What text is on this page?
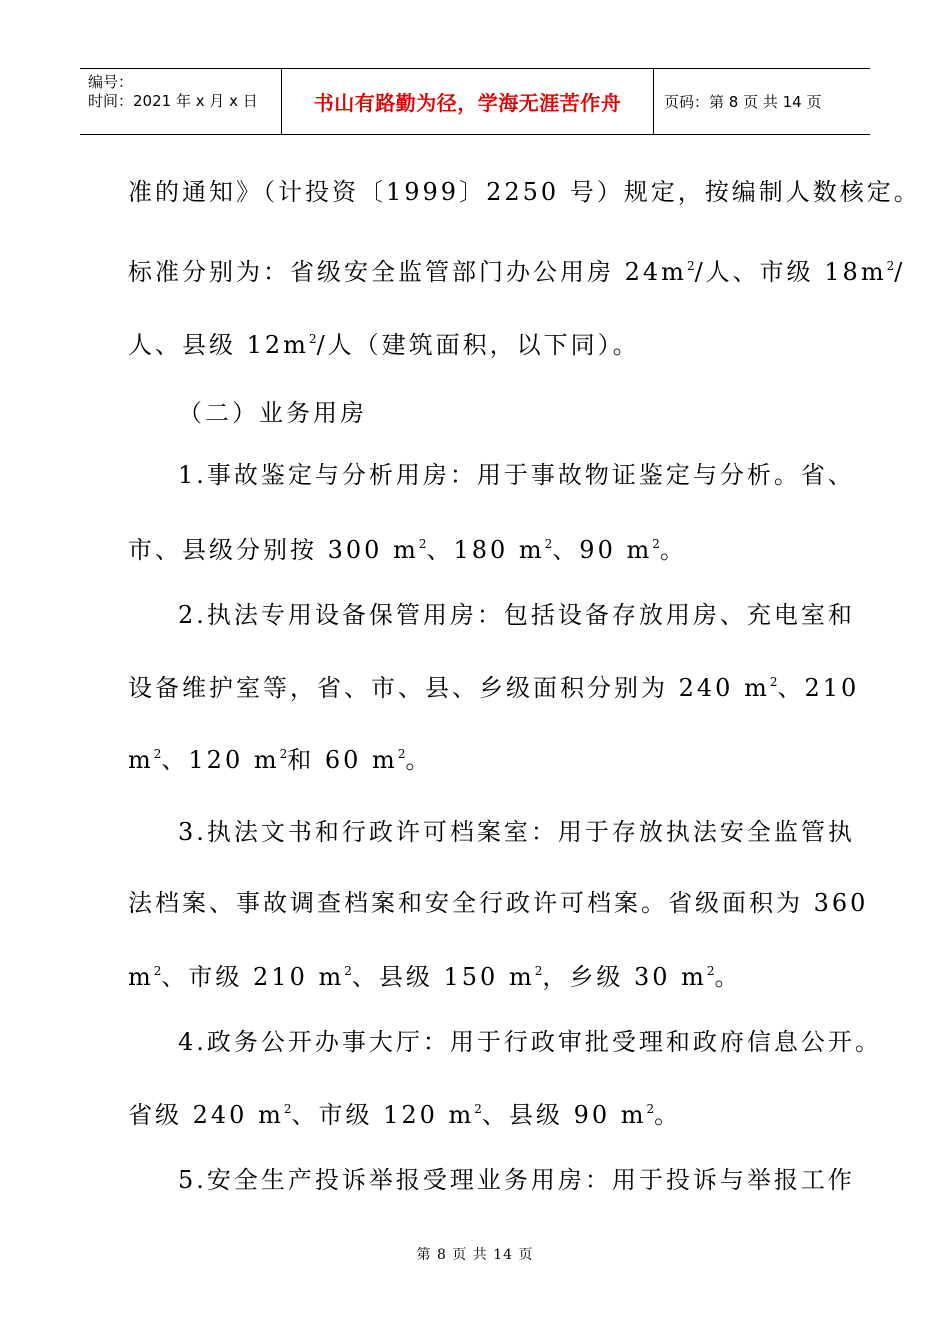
编号：
时间：2021 年 x 月 x 日	书山有路勤为径，学海无涯苦作舟	页码：第 8 页 共 14 页
准的通知》（计投资〔1999〕2250 号）规定，按编制人数核定。
标准分别为：省级安全监管部门办公用房 $24m^2/$人、市级 $18m^2/$
人、县级 $12m^2/$人（建筑面积，以下同）。
（二）业务用房
1.事故鉴定与分析用房：用于事故物证鉴定与分析。省、
市、县级分别按 300 $m^2$、180 $m^2$、90 $m^2$。
2.执法专用设备保管用房：包括设备存放用房、充电室和
设备维护室等，省、市、县、乡级面积分别为 240 $m^2$、210
$m^2$、120 $m^2$和 60 $m^2$。
3.执法文书和行政许可档案室：用于存放执法安全监管执
法档案、事故调查档案和安全行政许可档案。省级面积为 360
$m^2$、市级 210 $m^2$、县级 150 $m^2$，乡级 30 $m^2$。
4.政务公开办事大厅：用于行政审批受理和政府信息公开。
省级 240 $m^2$、市级 120 $m^2$、县级 90 $m^2$。
5.安全生产投诉举报受理业务用房：用于投诉与举报工作
第 8 页 共 14 页
